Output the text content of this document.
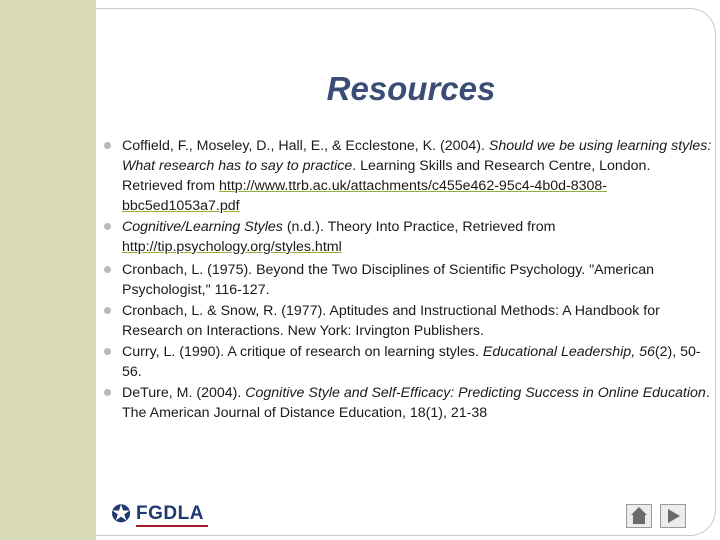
Resources
Coffield, F., Moseley, D., Hall, E., & Ecclestone, K. (2004). Should we be using learning styles: What research has to say to practice. Learning Skills and Research Centre, London. Retrieved from http://www.ttrb.ac.uk/attachments/c455e462-95c4-4b0d-8308-bbc5ed1053a7.pdf
Cognitive/Learning Styles (n.d.). Theory Into Practice, Retrieved from http://tip.psychology.org/styles.html
Cronbach, L. (1975). Beyond the Two Disciplines of Scientific Psychology. "American Psychologist," 116-127.
Cronbach, L. & Snow, R. (1977). Aptitudes and Instructional Methods: A Handbook for Research on Interactions. New York: Irvington Publishers.
Curry, L. (1990). A critique of research on learning styles. Educational Leadership, 56(2), 50-56.
DeTure, M. (2004). Cognitive Style and Self-Efficacy: Predicting Success in Online Education. The American Journal of Distance Education, 18(1), 21-38
✪ FGDLA
